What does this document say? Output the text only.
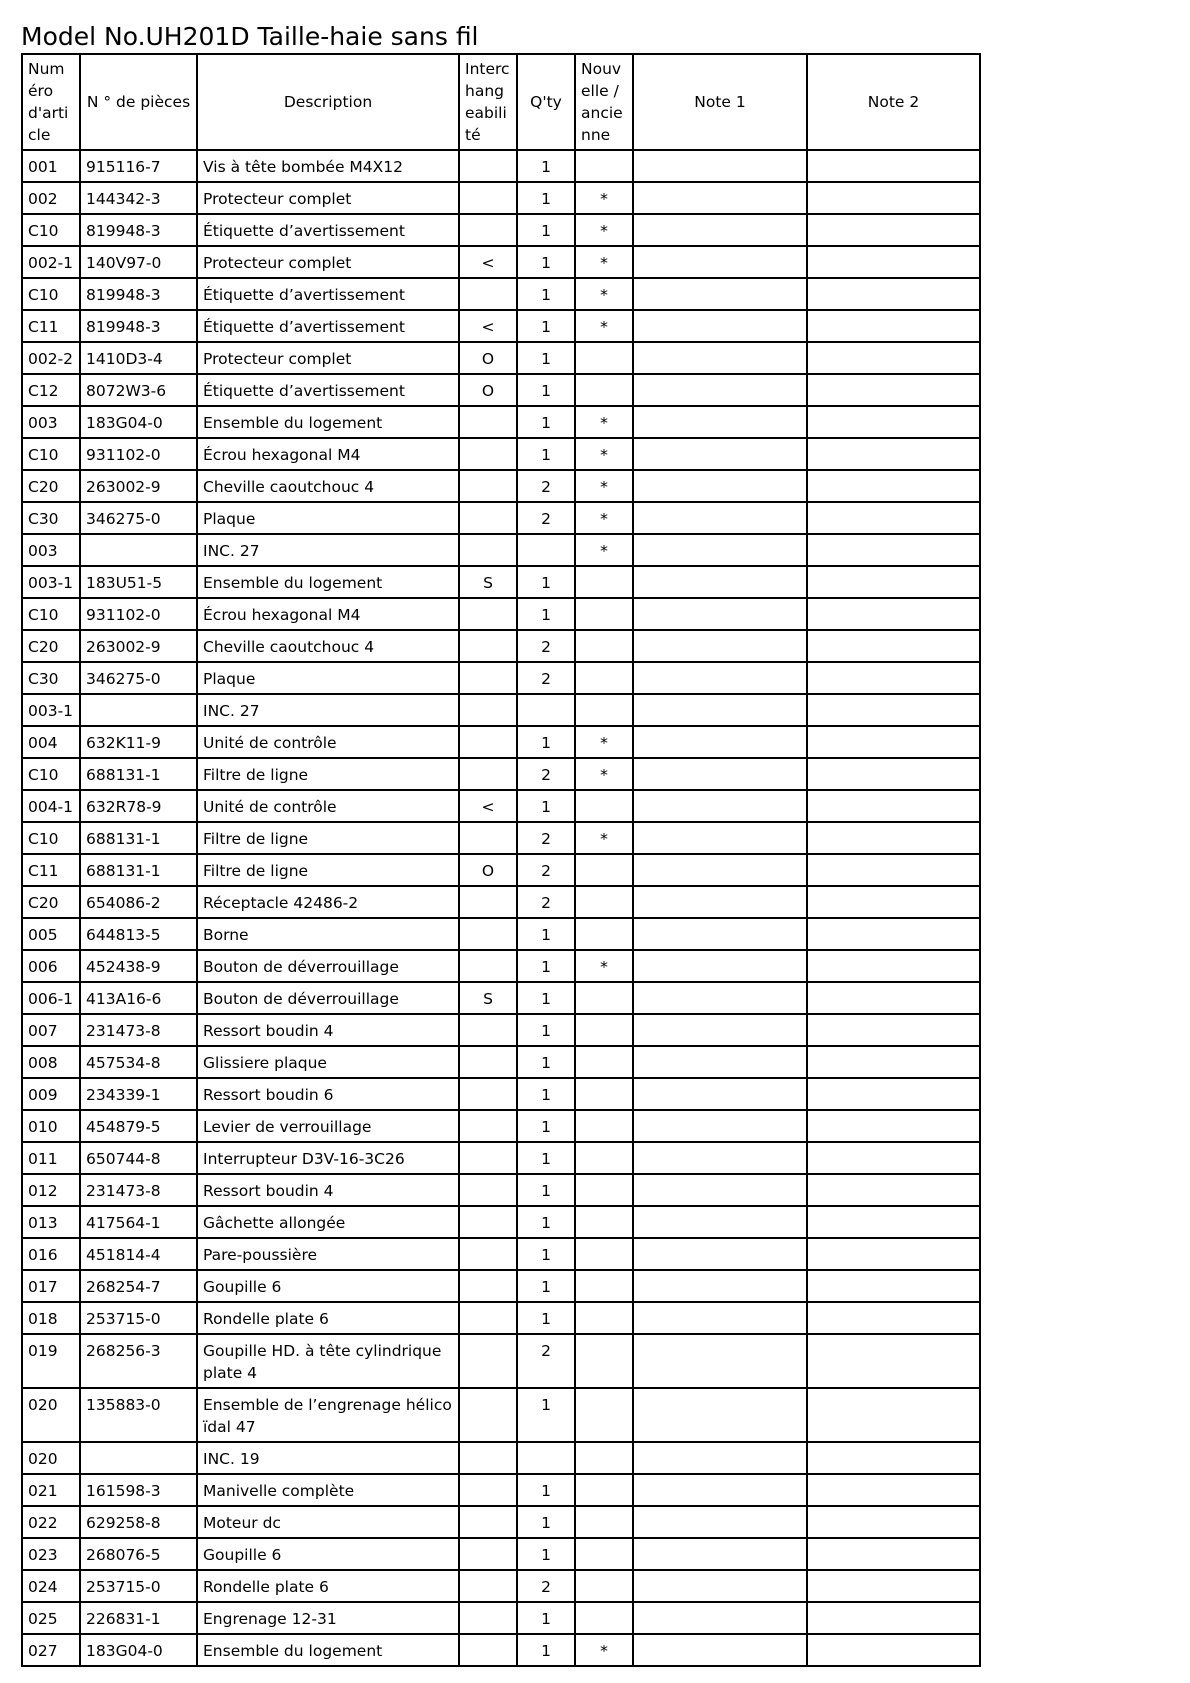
Model No.UH201D Taille-haie sans fil
Numéro d'article	N ° de pièces	Description	Interchangeabilité	Q'ty	Nouvelle / ancienne	Note 1	Note 2
001	915116-7	Vis à tête bombée M4X12		1			
002	144342-3	Protecteur complet		1	*		
C10	819948-3	Étiquette d’avertissement		1	*		
002-1	140V97-0	Protecteur complet	<	1	*		
C10	819948-3	Étiquette d’avertissement		1	*		
C11	819948-3	Étiquette d’avertissement	<	1	*		
002-2	1410D3-4	Protecteur complet	O	1			
C12	8072W3-6	Étiquette d’avertissement	O	1			
003	183G04-0	Ensemble du logement		1	*		
C10	931102-0	Écrou hexagonal M4		1	*		
C20	263002-9	Cheville caoutchouc 4		2	*		
C30	346275-0	Plaque		2	*		
003		INC. 27			*		
003-1	183U51-5	Ensemble du logement	S	1			
C10	931102-0	Écrou hexagonal M4		1			
C20	263002-9	Cheville caoutchouc 4		2			
C30	346275-0	Plaque		2			
003-1		INC. 27					
004	632K11-9	Unité de contrôle		1	*		
C10	688131-1	Filtre de ligne		2	*		
004-1	632R78-9	Unité de contrôle	<	1			
C10	688131-1	Filtre de ligne		2	*		
C11	688131-1	Filtre de ligne	O	2			
C20	654086-2	Réceptacle 42486-2		2			
005	644813-5	Borne		1			
006	452438-9	Bouton de déverrouillage		1	*		
006-1	413A16-6	Bouton de déverrouillage	S	1			
007	231473-8	Ressort boudin 4		1			
008	457534-8	Glissiere plaque		1			
009	234339-1	Ressort boudin 6		1			
010	454879-5	Levier de verrouillage		1			
011	650744-8	Interrupteur D3V-16-3C26		1			
012	231473-8	Ressort boudin 4		1			
013	417564-1	Gâchette allongée		1			
016	451814-4	Pare-poussière		1			
017	268254-7	Goupille 6		1			
018	253715-0	Rondelle plate 6		1			
019	268256-3	Goupille HD. à tête cylindrique plate 4		2			
020	135883-0	Ensemble de l’engrenage hélicoïdal 47		1			
020		INC. 19					
021	161598-3	Manivelle complète		1			
022	629258-8	Moteur dc		1			
023	268076-5	Goupille 6		1			
024	253715-0	Rondelle plate 6		2			
025	226831-1	Engrenage 12-31		1			
027	183G04-0	Ensemble du logement		1	*		
